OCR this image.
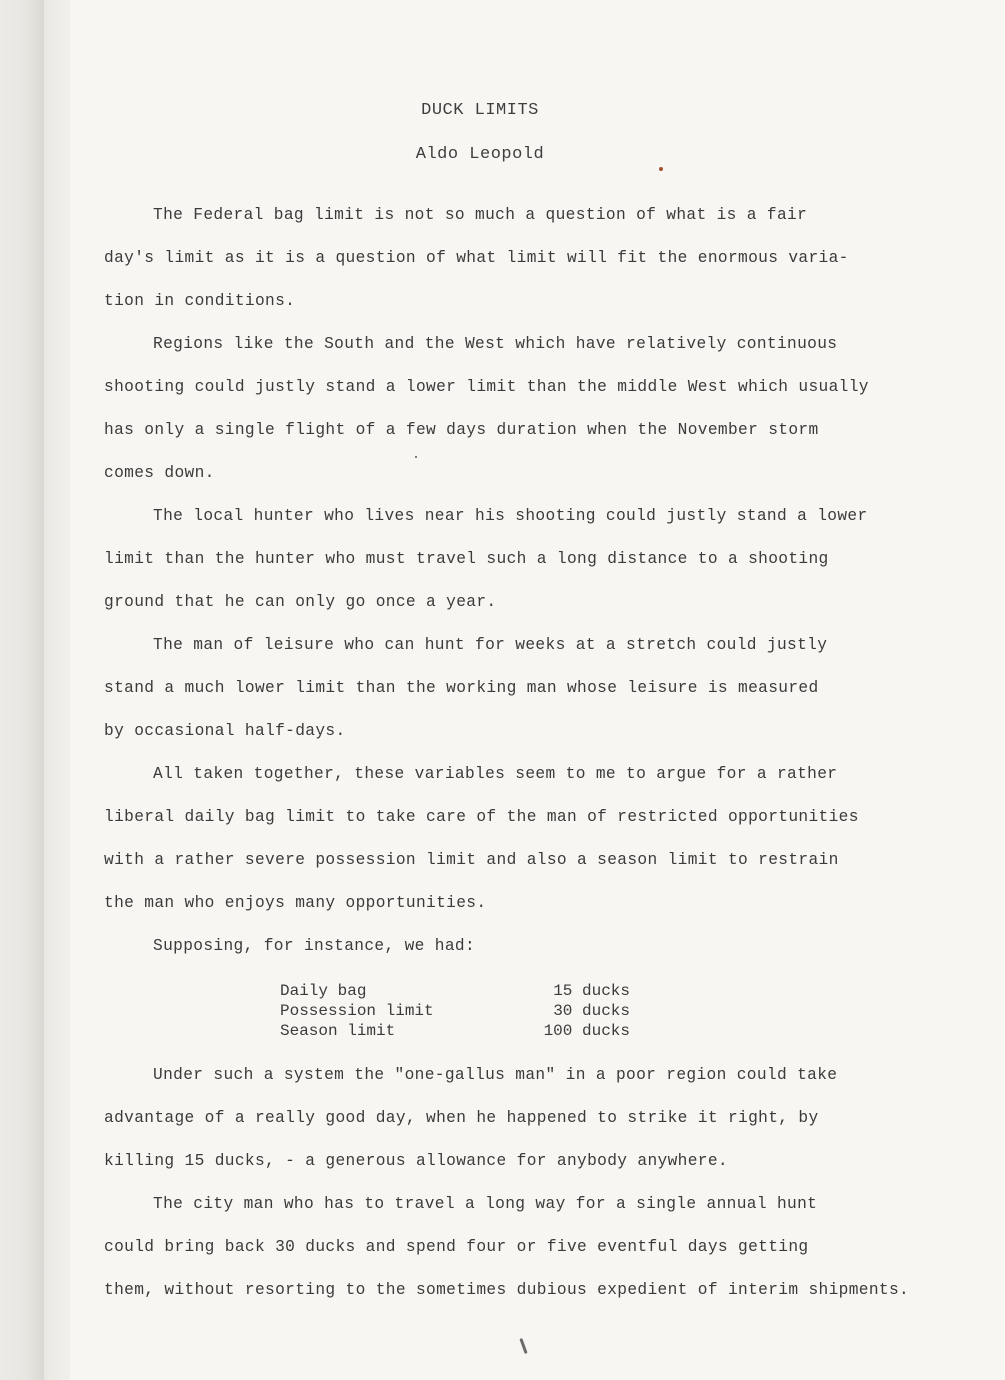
DUCK LIMITS
Aldo Leopold
The Federal bag limit is not so much a question of what is a fair
day's limit as it is a question of what limit will fit the enormous varia-
tion in conditions.
Regions like the South and the West which have relatively continuous
shooting could justly stand a lower limit than the middle West which usually
has only a single flight of a few days duration when the November storm
comes down.
The local hunter who lives near his shooting could justly stand a lower
limit than the hunter who must travel such a long distance to a shooting
ground that he can only go once a year.
The man of leisure who can hunt for weeks at a stretch could justly
stand a much lower limit than the working man whose leisure is measured
by occasional half-days.
All taken together, these variables seem to me to argue for a rather
liberal daily bag limit to take care of the man of restricted opportunities
with a rather severe possession limit and also a season limit to restrain
the man who enjoys many opportunities.
Supposing, for instance, we had:
Daily bag	15 ducks
Possession limit	30 ducks
Season limit	100 ducks
Under such a system the "one-gallus man" in a poor region could take
advantage of a really good day, when he happened to strike it right, by
killing 15 ducks, - a generous allowance for anybody anywhere.
The city man who has to travel a long way for a single annual hunt
could bring back 30 ducks and spend four or five eventful days getting
them, without resorting to the sometimes dubious expedient of interim shipments.
